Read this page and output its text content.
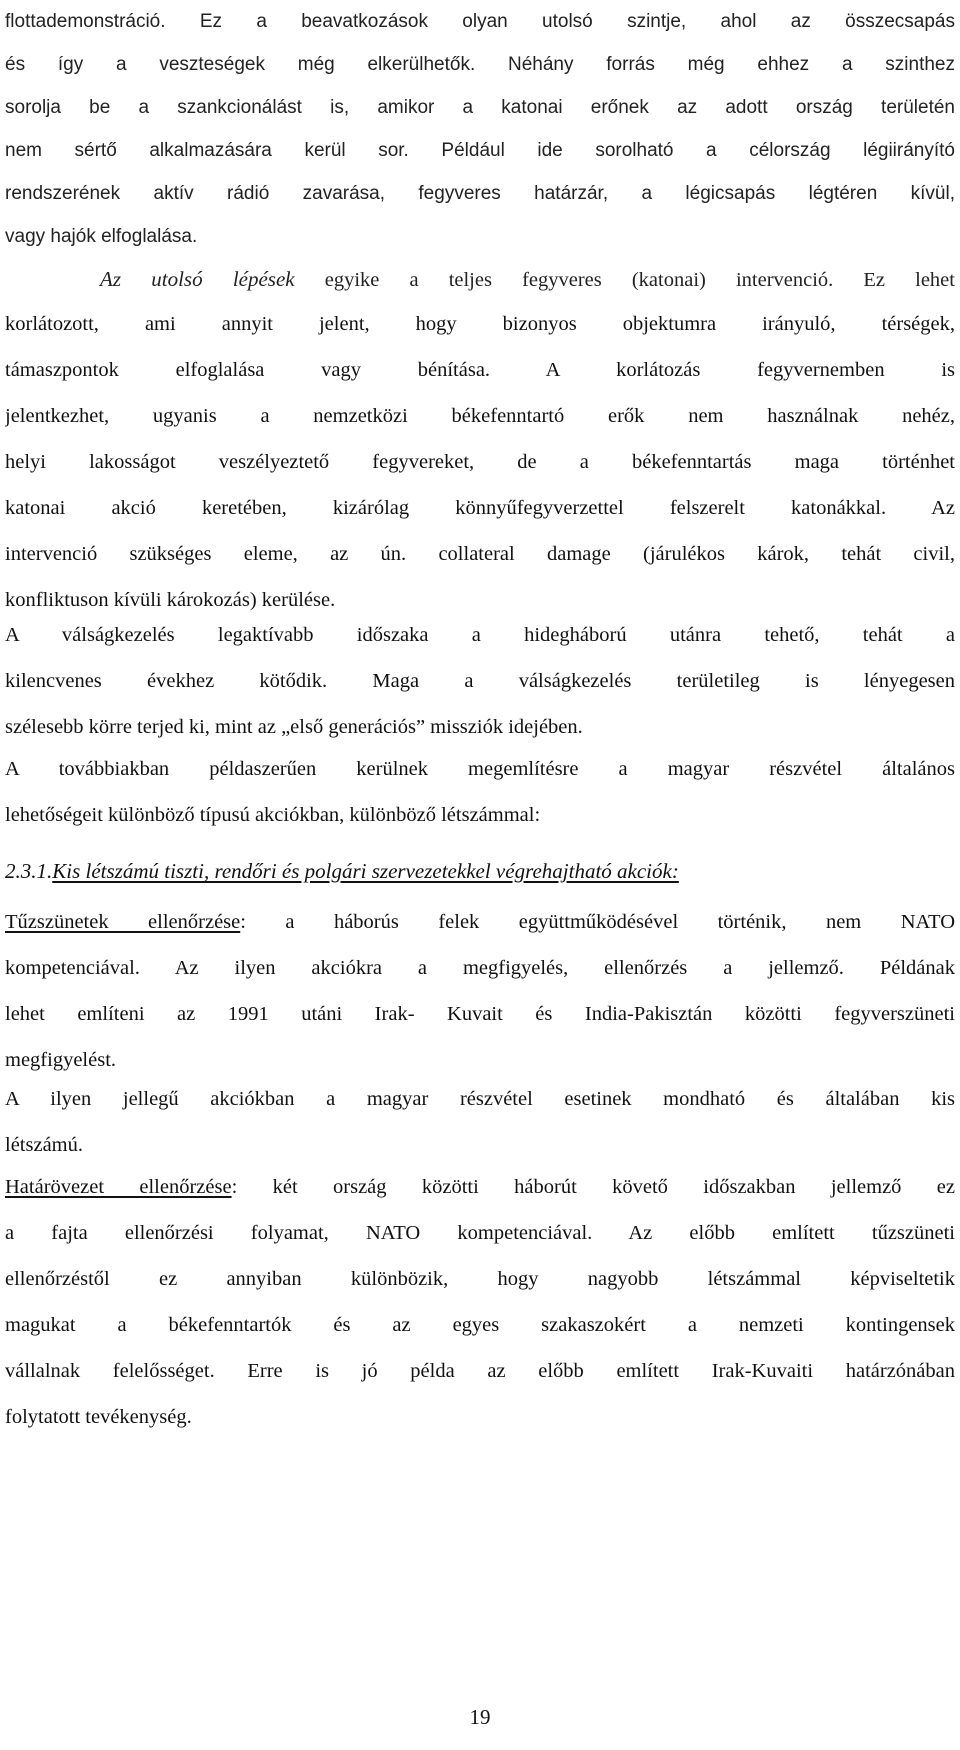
flottademonstráció. Ez a beavatkozások olyan utolsó szintje, ahol az összecsapás
és így a veszteségek még elkerülhetők. Néhány forrás még ehhez a szinthez
sorolja be a szankcionálást is, amikor a katonai erőnek az adott ország területén
nem sértő alkalmazására kerül sor. Például ide sorolható a célország légiirányító
rendszerének aktív rádió zavarása, fegyveres határzár, a légicsapás légtéren kívül,
vagy hajók elfoglalása.
Az utolsó lépések egyike a teljes fegyveres (katonai) intervenció. Ez lehet
korlátozott, ami annyit jelent, hogy bizonyos objektumra irányuló, térségek,
támaszpontok elfoglalása vagy bénítása. A korlátozás fegyvernemben is
jelentkezhet, ugyanis a nemzetközi békefenntartó erők nem használnak nehéz,
helyi lakosságot veszélyeztető fegyvereket, de a békefenntartás maga történhet
katonai akció keretében, kizárólag könnyűfegyverzettel felszerelt katonákkal. Az
intervenció szükséges eleme, az ún. collateral damage (járulékos károk, tehát civil,
konfliktuson kívüli károkozás) kerülése.
A válságkezelés legaktívabb időszaka a hidegháború utánra tehető, tehát a
kilencvenes évekhez kötődik. Maga a válságkezelés területileg is lényegesen
szélesebb körre terjed ki, mint az „első generációs” missziók idejében.
A továbbiakban példaszerűen kerülnek megemlítésre a magyar részvétel általános
lehetőségeit különböző típusú akciókban, különböző létszámmal:
2.3.1.Kis létszámú tiszti, rendőri és polgári szervezetekkel végrehajtható akciók:
Tűzszünetek ellenőrzése: a háborús felek együttműködésével történik, nem NATO
kompetenciával. Az ilyen akciókra a megfigyelés, ellenőrzés a jellemző. Példának
lehet említeni az 1991 utáni Irak- Kuvait és India-Pakisztán közötti fegyverszüneti
megfigyelést.
A ilyen jellegű akciókban a magyar részvétel esetinek mondható és általában kis
létszámú.
Határövezet ellenőrzése: két ország közötti háborút követő időszakban jellemző ez
a fajta ellenőrzési folyamat, NATO kompetenciával. Az előbb említett tűzszüneti
ellenőrzéstől ez annyiban különbözik, hogy nagyobb létszámmal képviseltetik
magukat a békefenntartók és az egyes szakaszokért a nemzeti kontingensek
vállalnak felelősséget. Erre is jó példa az előbb említett Irak-Kuvaiti határzónában
folytatott tevékenység.
19
